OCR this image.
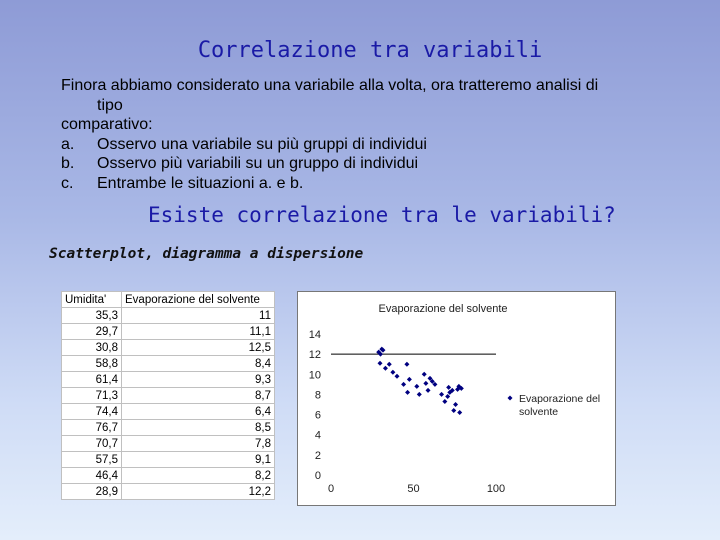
Correlazione tra variabili
Finora abbiamo considerato una variabile alla volta, ora tratteremo analisi di
tipo
comparativo:
a. Osservo una variabile su più gruppi di individui
b. Osservo più variabili su un gruppo di individui
c. Entrambe le situazioni a. e b.
Esiste correlazione tra le variabili?
Scatterplot, diagramma a dispersione
Umidita'	Evaporazione del solvente
35,3	11
29,7	11,1
30,8	12,5
58,8	8,4
61,4	9,3
71,3	8,7
74,4	6,4
76,7	8,5
70,7	7,8
57,5	9,1
46,4	8,2
28,9	12,2
Evaporazione del solvente
0
2
4
6
8
10
12
14
0	50	100
Evaporazione del solvente
